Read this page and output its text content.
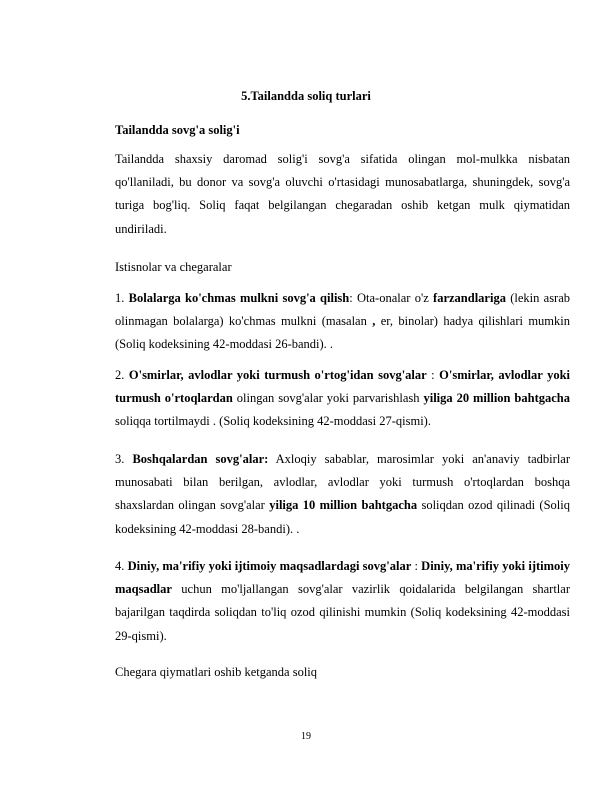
5.Tailandda soliq turlari
Tailandda sovg'a solig'i
Tailandda shaxsiy daromad solig'i sovg'a sifatida olingan mol-mulkka nisbatan qo'llaniladi, bu donor va sovg'a oluvchi o'rtasidagi munosabatlarga, shuningdek, sovg'a turiga bog'liq. Soliq faqat belgilangan chegaradan oshib ketgan mulk qiymatidan undiriladi.
Istisnolar va chegaralar
1. Bolalarga ko'chmas mulkni sovg'a qilish: Ota-onalar o'z farzandlariga (lekin asrab olinmagan bolalarga) ko'chmas mulkni (masalan , er, binolar) hadya qilishlari mumkin (Soliq kodeksining 42-moddasi 26-bandi). .
2. O'smirlar, avlodlar yoki turmush o'rtog'idan sovg'alar : O'smirlar, avlodlar yoki turmush o'rtoqlardan olingan sovg'alar yoki parvarishlash yiliga 20 million bahtgacha soliqqa tortilmaydi . (Soliq kodeksining 42-moddasi 27-qismi).
3. Boshqalardan sovg'alar: Axloqiy sabablar, marosimlar yoki an'anaviy tadbirlar munosabati bilan berilgan, avlodlar, avlodlar yoki turmush o'rtoqlardan boshqa shaxslardan olingan sovg'alar yiliga 10 million bahtgacha soliqdan ozod qilinadi (Soliq kodeksining 42-moddasi 28-bandi). .
4. Diniy, ma'rifiy yoki ijtimoiy maqsadlardagi sovg'alar : Diniy, ma'rifiy yoki ijtimoiy maqsadlar uchun mo'ljallangan sovg'alar vazirlik qoidalarida belgilangan shartlar bajarilgan taqdirda soliqdan to'liq ozod qilinishi mumkin (Soliq kodeksining 42-moddasi 29-qismi).
Chegara qiymatlari oshib ketganda soliq
19
